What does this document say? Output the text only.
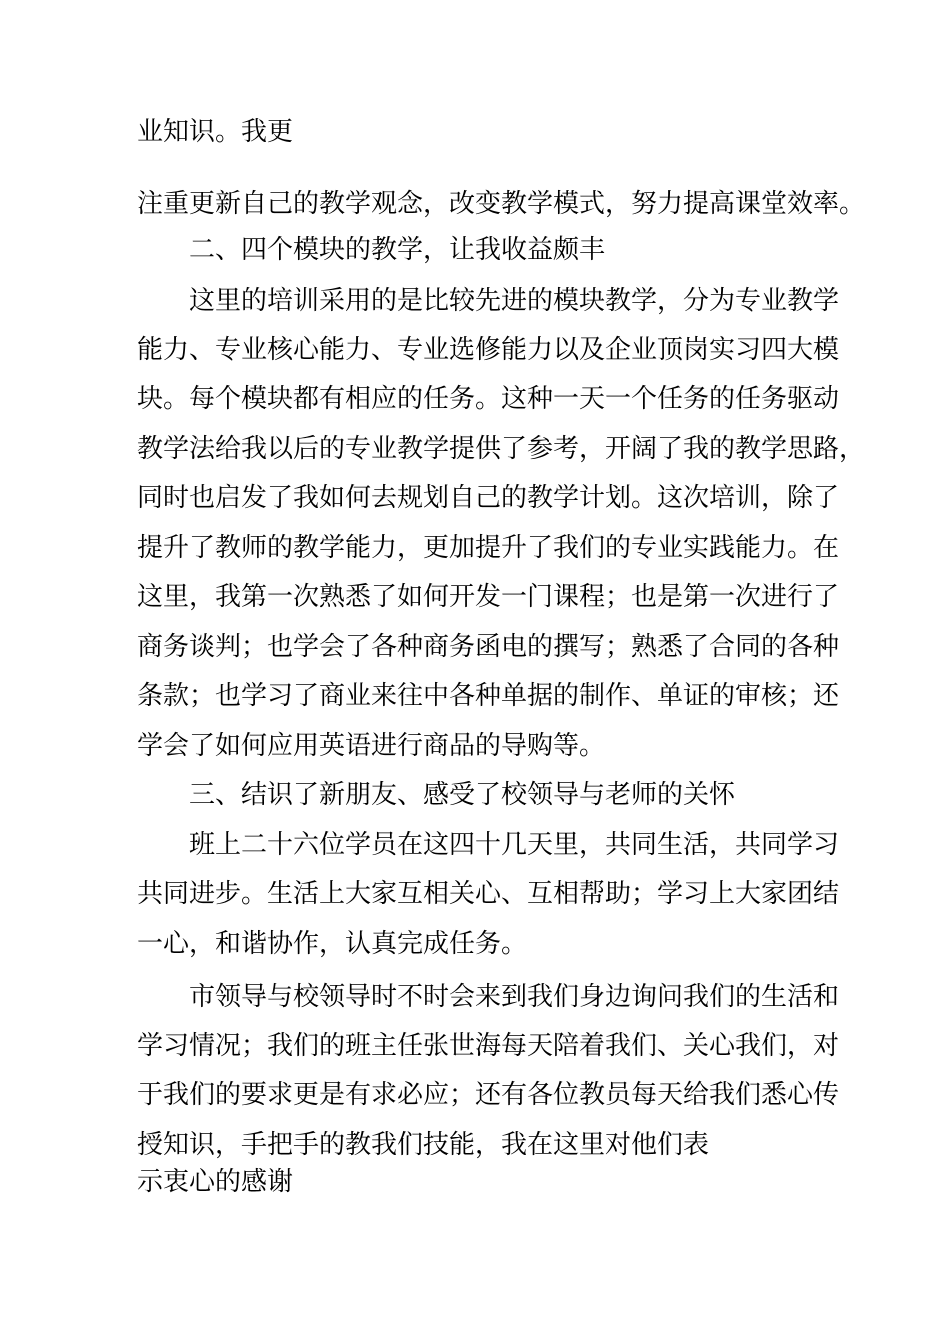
业知识。我更
注重更新自己的教学观念，改变教学模式，努力提高课堂效率。
二、四个模块的教学，让我收益颇丰
这里的培训采用的是比较先进的模块教学，分为专业教学
能力、专业核心能力、专业选修能力以及企业顶岗实习四大模
块。每个模块都有相应的任务。这种一天一个任务的任务驱动
教学法给我以后的专业教学提供了参考，开阔了我的教学思路，
同时也启发了我如何去规划自己的教学计划。这次培训，除了
提升了教师的教学能力，更加提升了我们的专业实践能力。在
这里，我第一次熟悉了如何开发一门课程；也是第一次进行了
商务谈判；也学会了各种商务函电的撰写；熟悉了合同的各种
条款；也学习了商业来往中各种单据的制作、单证的审核；还
学会了如何应用英语进行商品的导购等。
三、结识了新朋友、感受了校领导与老师的关怀
班上二十六位学员在这四十几天里，共同生活，共同学习
共同进步。生活上大家互相关心、互相帮助；学习上大家团结
一心，和谐协作，认真完成任务。
市领导与校领导时不时会来到我们身边询问我们的生活和
学习情况；我们的班主任张世海每天陪着我们、关心我们，对
于我们的要求更是有求必应；还有各位教员每天给我们悉心传
授知识，手把手的教我们技能，我在这里对他们表
示衷心的感谢
